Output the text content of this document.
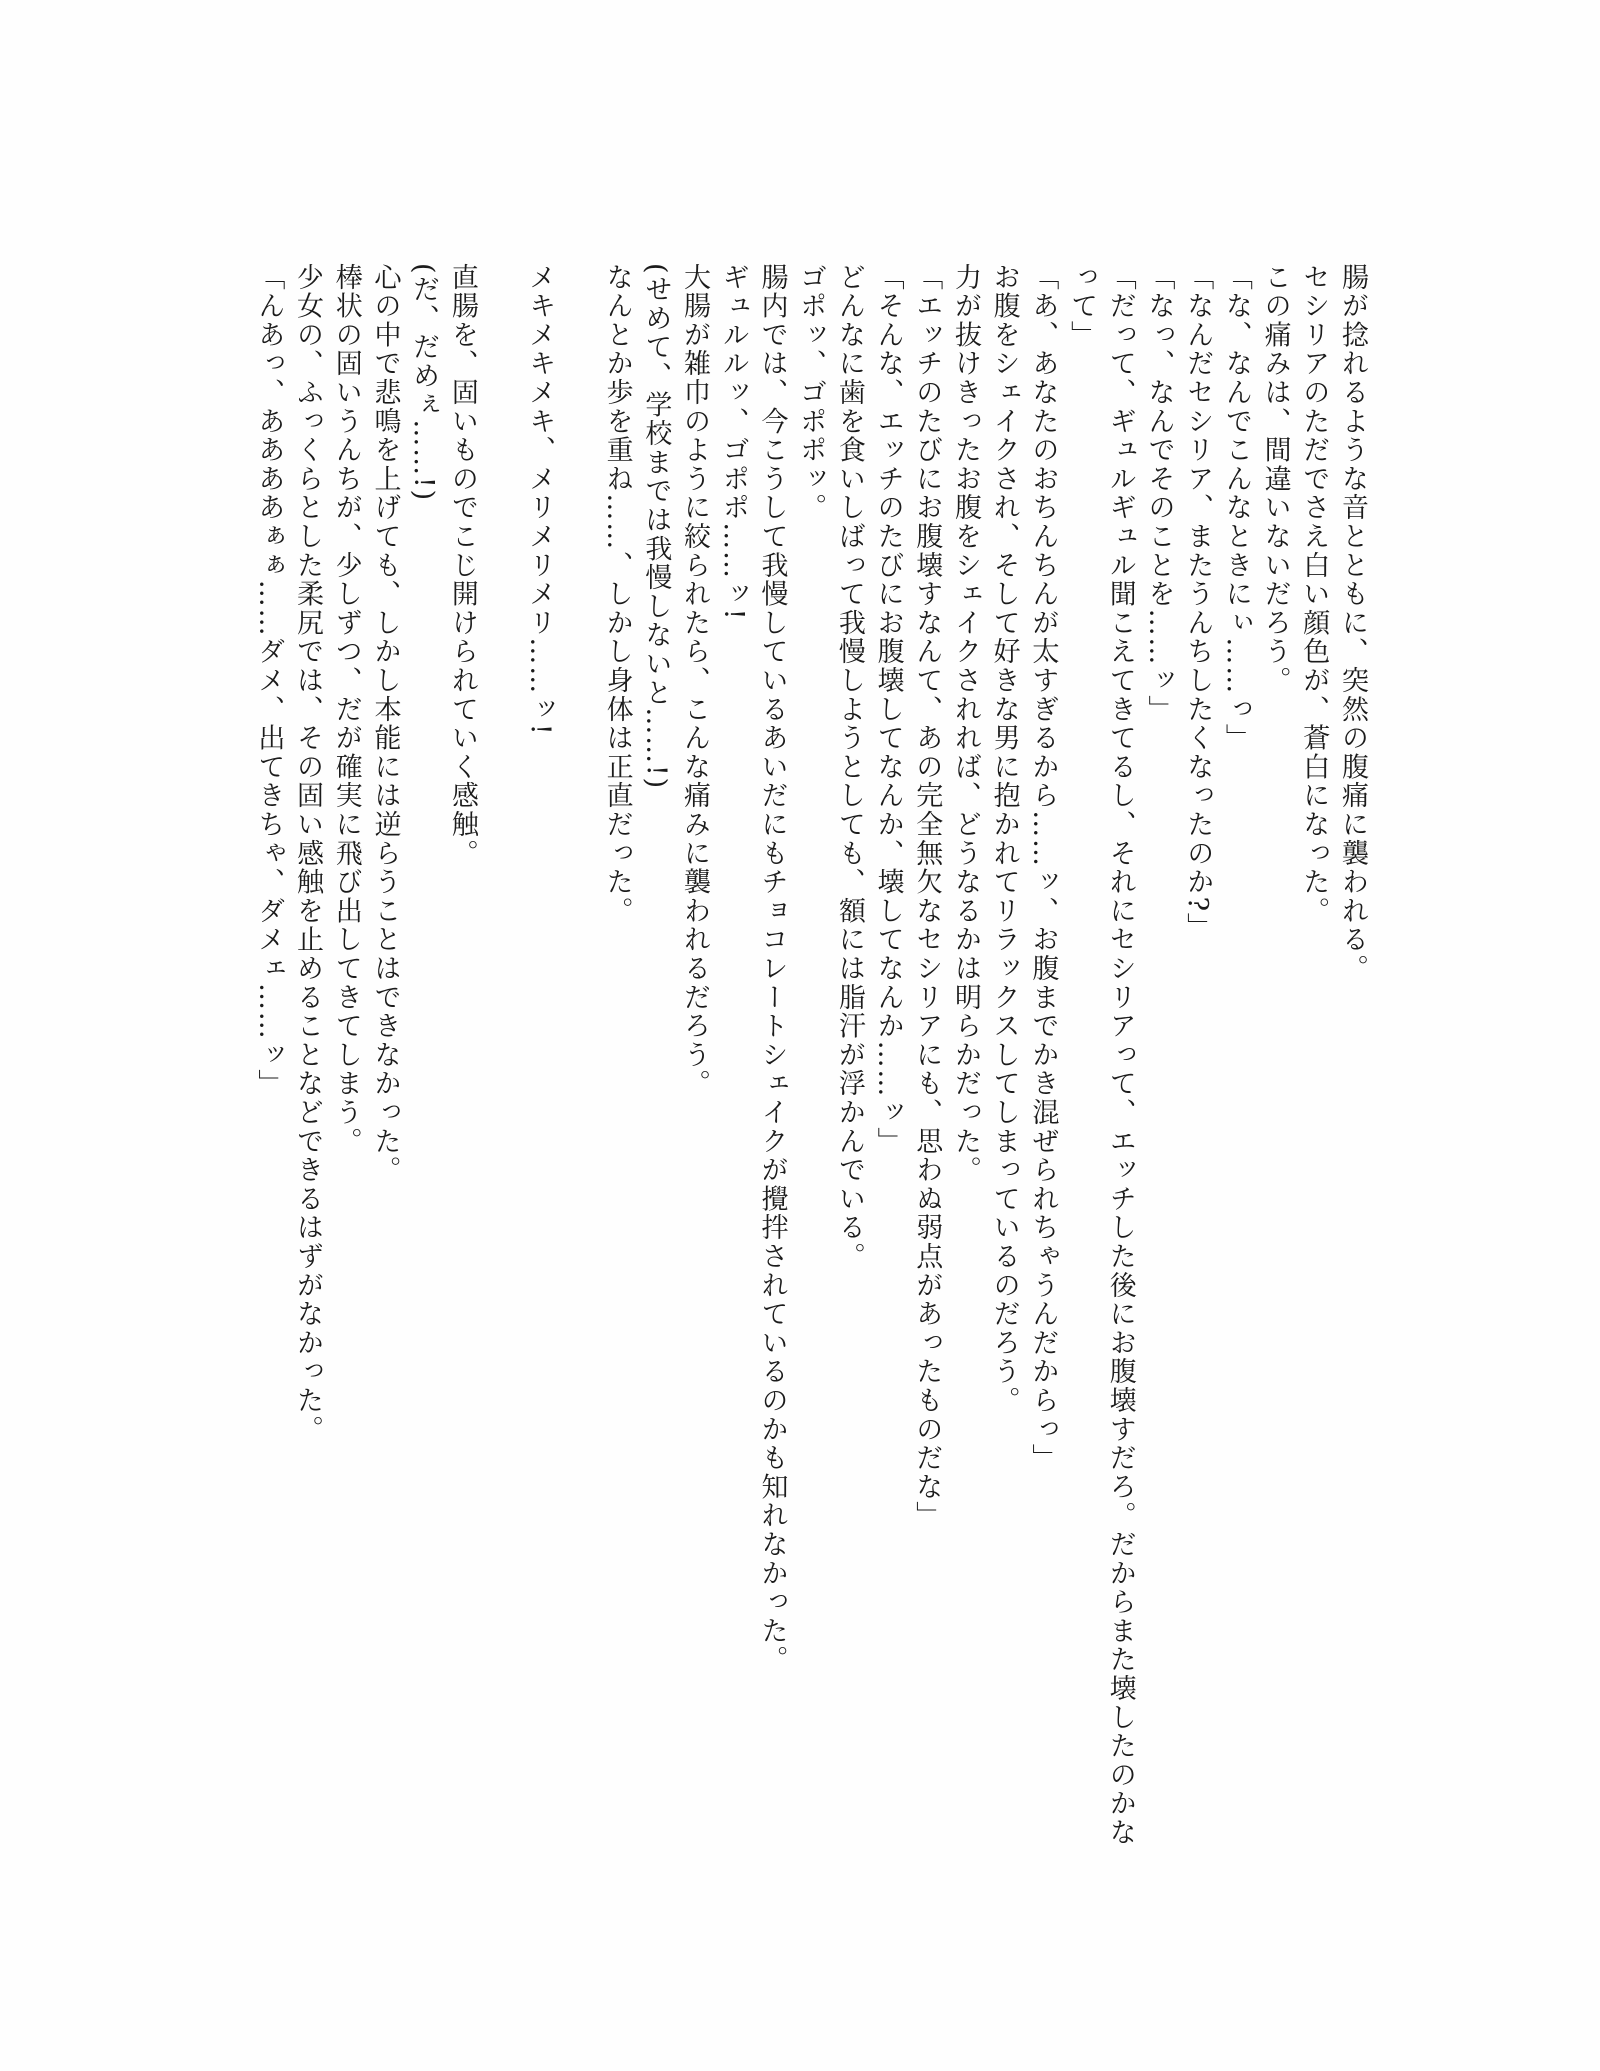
腸が捻れるような音とともに、突然の腹痛に襲われる。

セシリアのただでさえ白い顔色が、蒼白になった。

この痛みは、間違いないだろう。

「な、なんでこんなときにぃ……っ」

「なんだセシリア、またうんちしたくなったのか?」

「なっ、なんでそのことを……ッ」

「だって、ギュルギュル聞こえてきてるし、それにセシリアって、エッチした後にお腹壊すだろ。だからまた壊したのかな

って」

「あ、あなたのおちんちんが太すぎるから……ッ、お腹までかき混ぜられちゃうんだからっ」

お腹をシェイクされ、そして好きな男に抱かれてリラックスしてしまっているのだろう。

力が抜けきったお腹をシェイクされれば、どうなるかは明らかだった。

「エッチのたびにお腹壊すなんて、あの完全無欠なセシリアにも、思わぬ弱点があったものだな」

「そんな、エッチのたびにお腹壊してなんか、壊してなんか……ッ」

どんなに歯を食いしばって我慢しようとしても、額には脂汗が浮かんでいる。

ゴポッ、ゴポポッ。

腸内では、今こうして我慢しているあいだにもチョコレートシェイクが攪拌されているのかも知れなかった。

ギュルルッ、ゴポポ……ッ!

大腸が雑巾のように絞られたら、こんな痛みに襲われるだろう。

(せめて、学校までは我慢しないと……!)

なんとか歩を重ね……、しかし身体は正直だった。

メキメキメキ、メリメリメリ……ッ!

直腸を、固いものでこじ開けられていく感触。

(だ、だめぇ……!)

心の中で悲鳴を上げても、しかし本能には逆らうことはできなかった。

棒状の固いうんちが、少しずつ、だが確実に飛び出してきてしまう。

少女の、ふっくらとした柔尻では、その固い感触を止めることなどできるはずがなかった。

「んあっ、ああああぁぁ……ダメ、出てきちゃ、ダメェ……ッ」
